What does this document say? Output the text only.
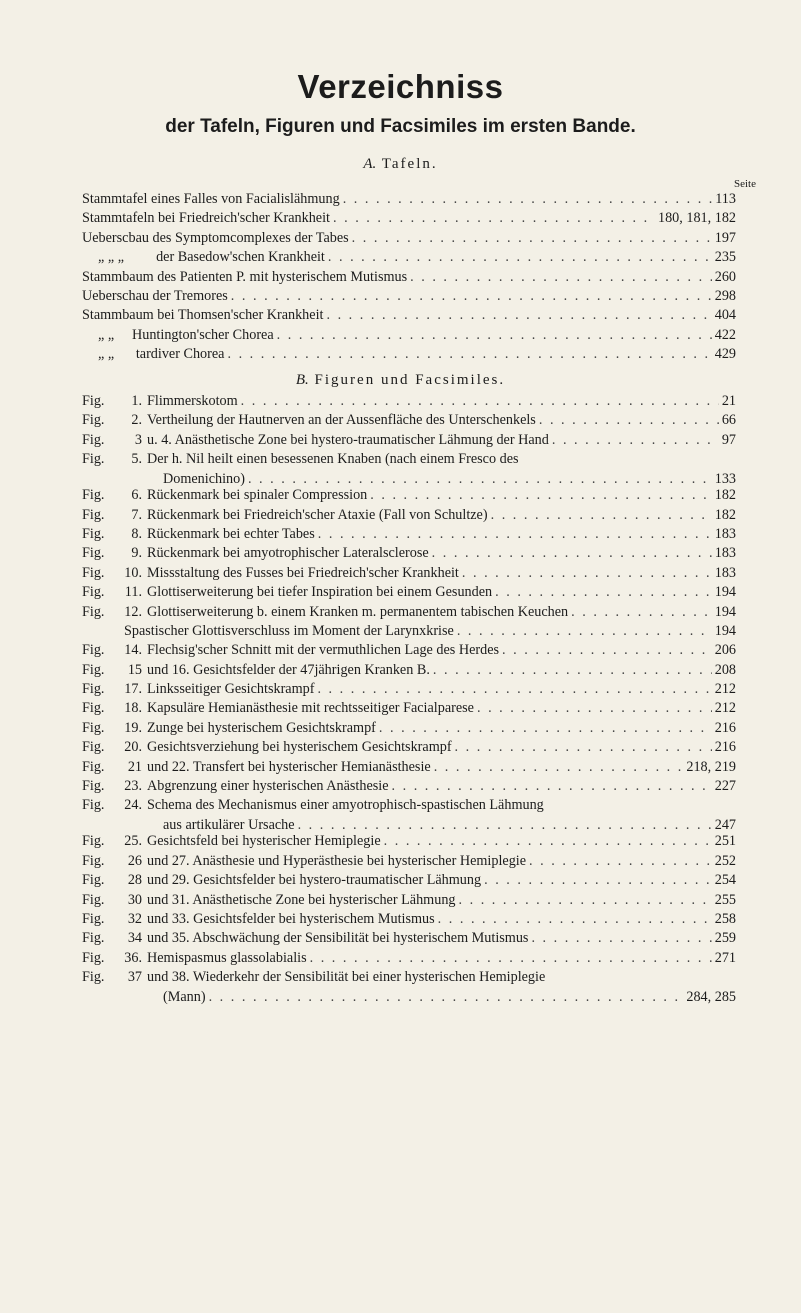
Verzeichniss
der Tafeln, Figuren und Facsimiles im ersten Bande.
A. Tafeln.
Seite
Stammtafel eines Falles von Facialislähmung . . .	113
Stammtafeln bei Friedreich'scher Krankheit . . .	180, 181, 182
Ueberscbau des Symptomcomplexes der Tabes . . .	197
„ „ „	der Basedow'schen Krankheit . . .	235
Stammbaum des Patienten P. mit hysterischem Mutismus . . .	260
Ueberschau der Tremores . . .	298
Stammbaum bei Thomsen'scher Krankheit . . .	404
„ „	Huntington'scher Chorea . . .	422
„ „	tardiver Chorea . . .	429
B. Figuren und Facsimiles.
Fig.	1. Flimmerskotom . . .	21
Fig.	2. Vertheilung der Hautnerven an der Aussenfläche des Unterschenkels . . .	66
Fig.	3 u. 4. Anästhetische Zone bei hystero-traumatischer Lähmung der Hand . . .	97
Fig.	5. Der h. Nil heilt einen besessenen Knaben (nach einem Fresco des
Domenichino) . . .	133
Fig.	6. Rückenmark bei spinaler Compression . . .	182
Fig.	7. Rückenmark bei Friedreich'scher Ataxie (Fall von Schultze) . . .	182
Fig.	8. Rückenmark bei echter Tabes . . .	183
Fig.	9. Rückenmark bei amyotrophischer Lateralsclerose . . .	183
Fig.	10. Missstaltung des Fusses bei Friedreich'scher Krankheit . . .	183
Fig.	11. Glottiserweiterung bei tiefer Inspiration bei einem Gesunden . . .	194
Fig.	12. Glottiserweiterung b. einem Kranken m. permanentem tabischen Keuchen . . .	194
Spastischer Glottisverschluss im Moment der Larynxkrise . . .	194
Fig.	14. Flechsig'scher Schnitt mit der vermuthlichen Lage des Herdes . . .	206
Fig.	15 und 16. Gesichtsfelder der 47jährigen Kranken B. . . .	208
Fig.	17. Linksseitiger Gesichtskrampf . . .	212
Fig.	18. Kapsuläre Hemianästhesie mit rechtsseitiger Facialparese . . .	212
Fig.	19. Zunge bei hysterischem Gesichtskrampf . . .	216
Fig.	20. Gesichtsverziehung bei hysterischem Gesichtskrampf . . .	216
Fig.	21 und 22. Transfert bei hysterischer Hemianästhesie . . .	218, 219
Fig.	23. Abgrenzung einer hysterischen Anästhesie . . .	227
Fig.	24. Schema des Mechanismus einer amyotrophisch-spastischen Lähmung
aus artikulärer Ursache . . .	247
Fig.	25. Gesichtsfeld bei hysterischer Hemiplegie . . .	251
Fig.	26 und 27. Anästhesie und Hyperästhesie bei hysterischer Hemiplegie . . .	252
Fig.	28 und 29. Gesichtsfelder bei hystero-traumatischer Lähmung . . .	254
Fig.	30 und 31. Anästhetische Zone bei hysterischer Lähmung . . .	255
Fig.	32 und 33. Gesichtsfelder bei hysterischem Mutismus . . .	258
Fig.	34 und 35. Abschwächung der Sensibilität bei hysterischem Mutismus . . .	259
Fig.	36. Hemispasmus glassolabialis . . .	271
Fig.	37 und 38. Wiederkehr der Sensibilität bei einer hysterischen Hemiplegie
(Mann) . . .	284, 285
